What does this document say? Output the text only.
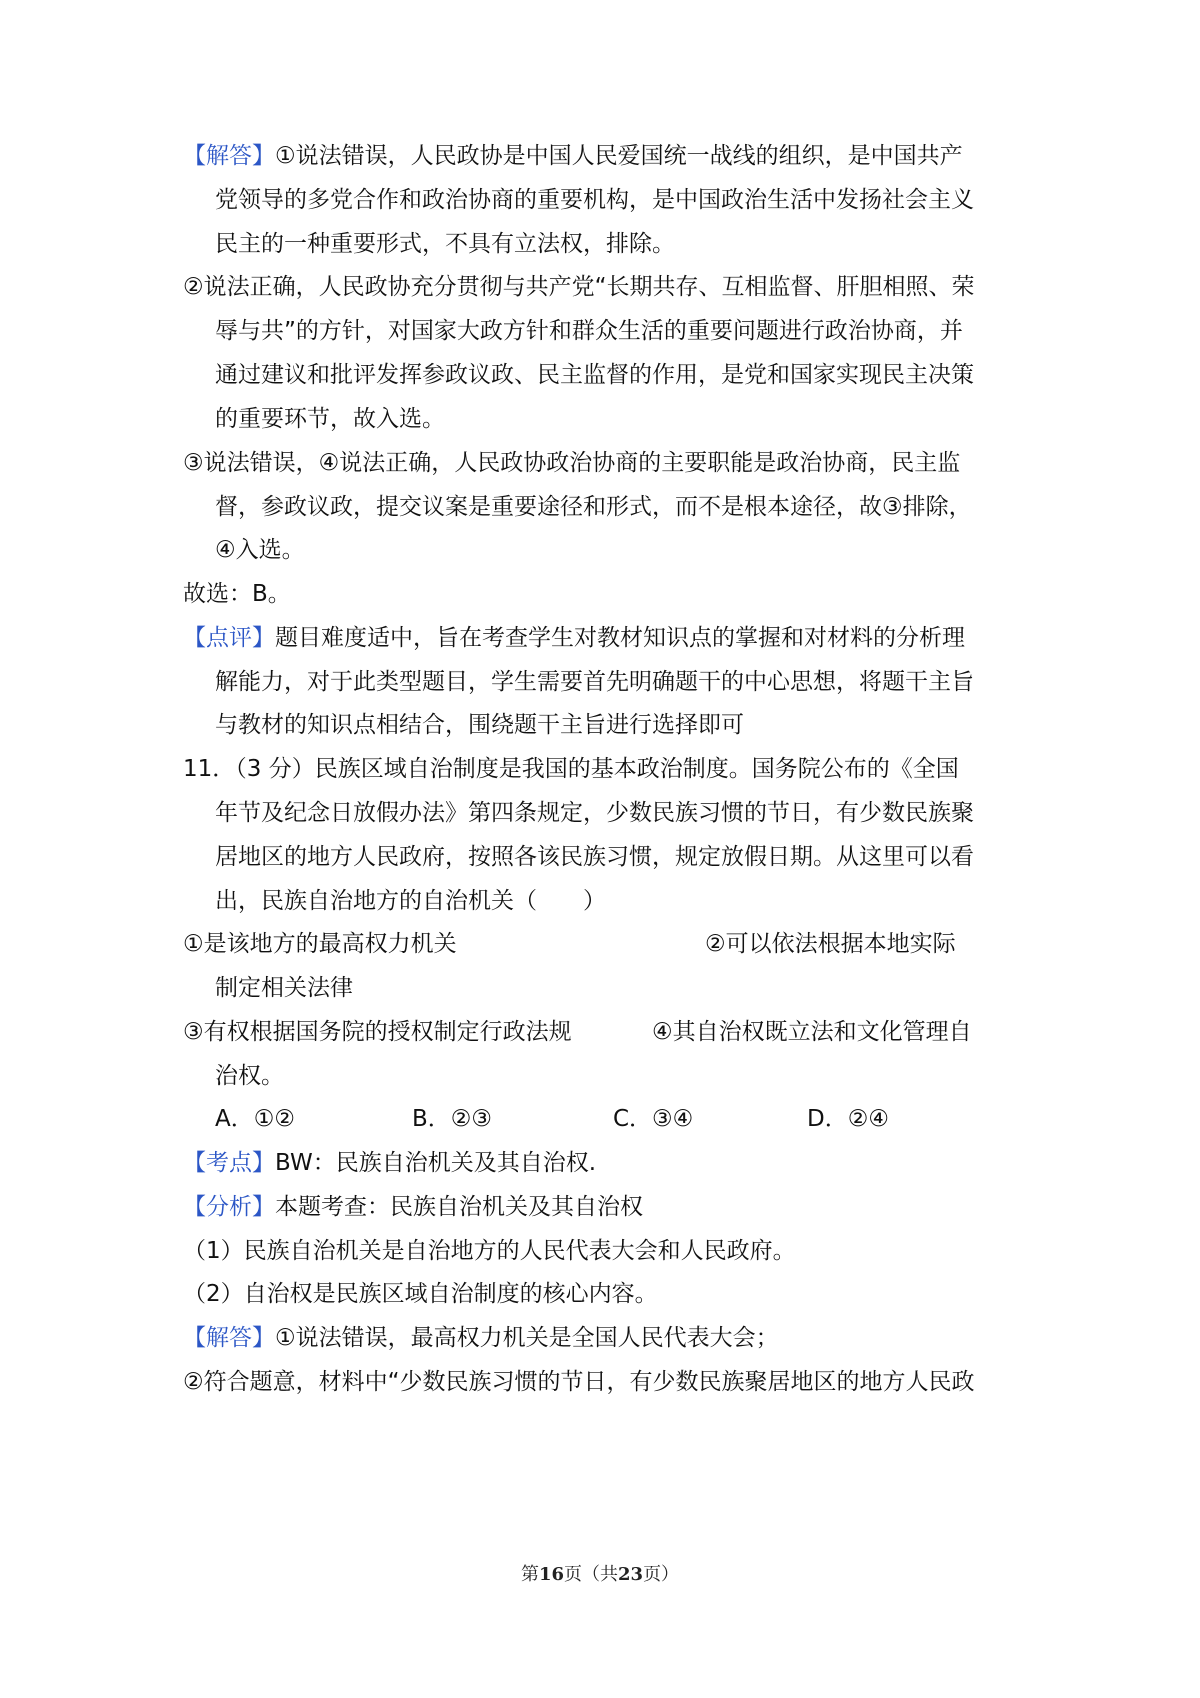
【解答】①说法错误，人民政协是中国人民爱国统一战线的组织，是中国共产
党领导的多党合作和政治协商的重要机构，是中国政治生活中发扬社会主义
民主的一种重要形式，不具有立法权，排除。
②说法正确，人民政协充分贯彻与共产党“长期共存、互相监督、肝胆相照、荣
辱与共”的方针，对国家大政方针和群众生活的重要问题进行政治协商，并
通过建议和批评发挥参政议政、民主监督的作用，是党和国家实现民主决策
的重要环节，故入选。
③说法错误，④说法正确，人民政协政治协商的主要职能是政治协商，民主监
督，参政议政，提交议案是重要途径和形式，而不是根本途径，故③排除，
④入选。
故选：B。
【点评】题目难度适中，旨在考查学生对教材知识点的掌握和对材料的分析理
解能力，对于此类型题目，学生需要首先明确题干的中心思想，将题干主旨
与教材的知识点相结合，围绕题干主旨进行选择即可
11．（3 分）民族区域自治制度是我国的基本政治制度。国务院公布的《全国
年节及纪念日放假办法》第四条规定，少数民族习惯的节日，有少数民族聚
居地区的地方人民政府，按照各该民族习惯，规定放假日期。从这里可以看
出，民族自治地方的自治机关（　　）
①是该地方的最高权力机关	②可以依法根据本地实际
制定相关法律
③有权根据国务院的授权制定行政法规	④其自治权既立法和文化管理自
治权。
A．①②	B．②③	C．③④	D．②④
【考点】BW：民族自治机关及其自治权.
【分析】本题考查：民族自治机关及其自治权
（1）民族自治机关是自治地方的人民代表大会和人民政府。
（2）自治权是民族区域自治制度的核心内容。
【解答】①说法错误，最高权力机关是全国人民代表大会；
②符合题意，材料中“少数民族习惯的节日，有少数民族聚居地区的地方人民政
第16页（共23页）
